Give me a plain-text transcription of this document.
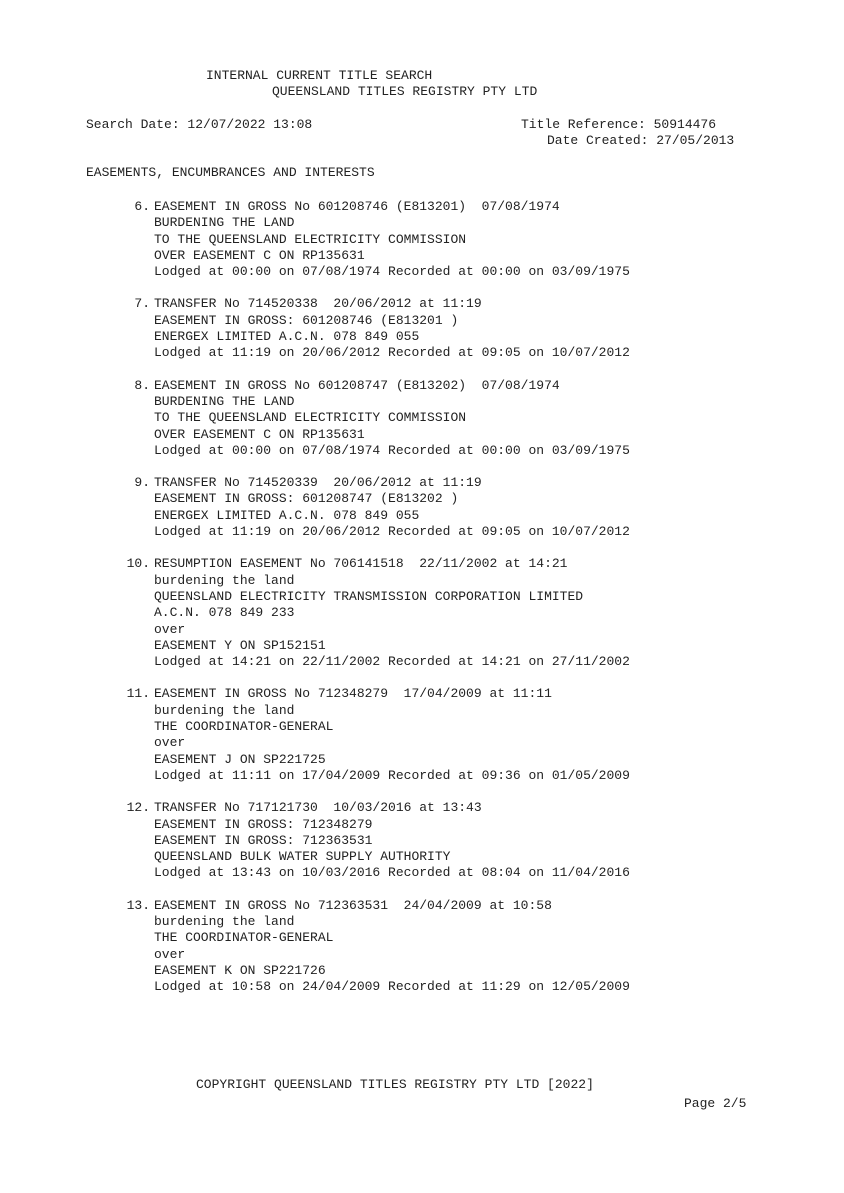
INTERNAL CURRENT TITLE SEARCH
QUEENSLAND TITLES REGISTRY PTY LTD
Search Date: 12/07/2022 13:08	Title Reference: 50914476
Date Created: 27/05/2013
EASEMENTS, ENCUMBRANCES AND INTERESTS
6. EASEMENT IN GROSS No 601208746 (E813201)  07/08/1974
BURDENING THE LAND
TO THE QUEENSLAND ELECTRICITY COMMISSION
OVER EASEMENT C ON RP135631
Lodged at 00:00 on 07/08/1974 Recorded at 00:00 on 03/09/1975
7. TRANSFER No 714520338  20/06/2012 at 11:19
EASEMENT IN GROSS: 601208746 (E813201 )
ENERGEX LIMITED A.C.N. 078 849 055
Lodged at 11:19 on 20/06/2012 Recorded at 09:05 on 10/07/2012
8. EASEMENT IN GROSS No 601208747 (E813202)  07/08/1974
BURDENING THE LAND
TO THE QUEENSLAND ELECTRICITY COMMISSION
OVER EASEMENT C ON RP135631
Lodged at 00:00 on 07/08/1974 Recorded at 00:00 on 03/09/1975
9. TRANSFER No 714520339  20/06/2012 at 11:19
EASEMENT IN GROSS: 601208747 (E813202 )
ENERGEX LIMITED A.C.N. 078 849 055
Lodged at 11:19 on 20/06/2012 Recorded at 09:05 on 10/07/2012
10. RESUMPTION EASEMENT No 706141518  22/11/2002 at 14:21
burdening the land
QUEENSLAND ELECTRICITY TRANSMISSION CORPORATION LIMITED
A.C.N. 078 849 233
over
EASEMENT Y ON SP152151
Lodged at 14:21 on 22/11/2002 Recorded at 14:21 on 27/11/2002
11. EASEMENT IN GROSS No 712348279  17/04/2009 at 11:11
burdening the land
THE COORDINATOR-GENERAL
over
EASEMENT J ON SP221725
Lodged at 11:11 on 17/04/2009 Recorded at 09:36 on 01/05/2009
12. TRANSFER No 717121730  10/03/2016 at 13:43
EASEMENT IN GROSS: 712348279
EASEMENT IN GROSS: 712363531
QUEENSLAND BULK WATER SUPPLY AUTHORITY
Lodged at 13:43 on 10/03/2016 Recorded at 08:04 on 11/04/2016
13. EASEMENT IN GROSS No 712363531  24/04/2009 at 10:58
burdening the land
THE COORDINATOR-GENERAL
over
EASEMENT K ON SP221726
Lodged at 10:58 on 24/04/2009 Recorded at 11:29 on 12/05/2009
COPYRIGHT QUEENSLAND TITLES REGISTRY PTY LTD [2022]
Page 2/5
